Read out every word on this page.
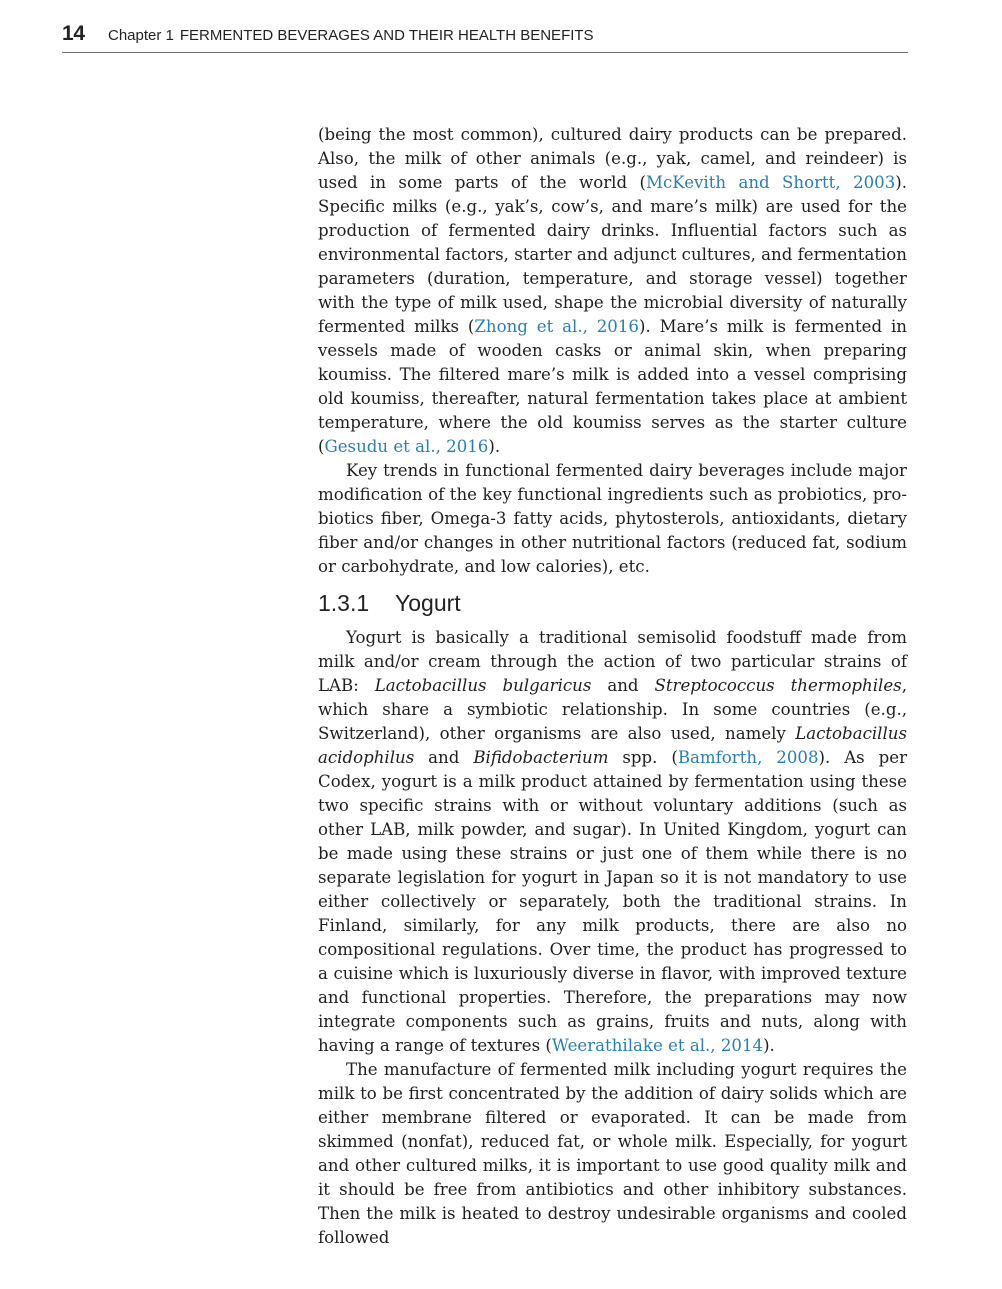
14 Chapter 1 FERMENTED BEVERAGES AND THEIR HEALTH BENEFITS

(being the most common), cultured dairy products can be prepared. Also, the milk of other animals (e.g., yak, camel, and reindeer) is used in some parts of the world (McKevith and Shortt, 2003). Specific milks (e.g., yak’s, cow’s, and mare’s milk) are used for the production of fermented dairy drinks. Influential factors such as environmental factors, starter and adjunct cultures, and fermentation parameters (duration, temperature, and storage vessel) together with the type of milk used, shape the microbial diversity of naturally fermented milks (Zhong et al., 2016). Mare’s milk is fermented in vessels made of wooden casks or animal skin, when preparing koumiss. The filtered mare’s milk is added into a vessel comprising old koumiss, thereafter, natural fermentation takes place at ambient temperature, where the old koumiss serves as the starter culture (Gesudu et al., 2016).

Key trends in functional fermented dairy beverages include major modification of the key functional ingredients such as probiotics, probiotics fiber, Omega-3 fatty acids, phytosterols, antioxidants, dietary fiber and/or changes in other nutritional factors (reduced fat, sodium or carbohydrate, and low calories), etc.

1.3.1 Yogurt

Yogurt is basically a traditional semisolid foodstuff made from milk and/or cream through the action of two particular strains of LAB: Lactobacillus bulgaricus and Streptococcus thermophiles, which share a symbiotic relationship. In some countries (e.g., Switzerland), other organisms are also used, namely Lactobacillus acidophilus and Bifidobacterium spp. (Bamforth, 2008). As per Codex, yogurt is a milk product attained by fermentation using these two specific strains with or without voluntary additions (such as other LAB, milk powder, and sugar). In United Kingdom, yogurt can be made using these strains or just one of them while there is no separate legislation for yogurt in Japan so it is not mandatory to use either collectively or separately, both the traditional strains. In Finland, similarly, for any milk products, there are also no compositional regulations. Over time, the product has progressed to a cuisine which is luxuriously diverse in flavor, with improved texture and functional properties. Therefore, the preparations may now integrate components such as grains, fruits and nuts, along with having a range of textures (Weerathilake et al., 2014).

The manufacture of fermented milk including yogurt requires the milk to be first concentrated by the addition of dairy solids which are either membrane filtered or evaporated. It can be made from skimmed (nonfat), reduced fat, or whole milk. Especially, for yogurt and other cultured milks, it is important to use good quality milk and it should be free from antibiotics and other inhibitory substances. Then the milk is heated to destroy undesirable organisms and cooled followed
